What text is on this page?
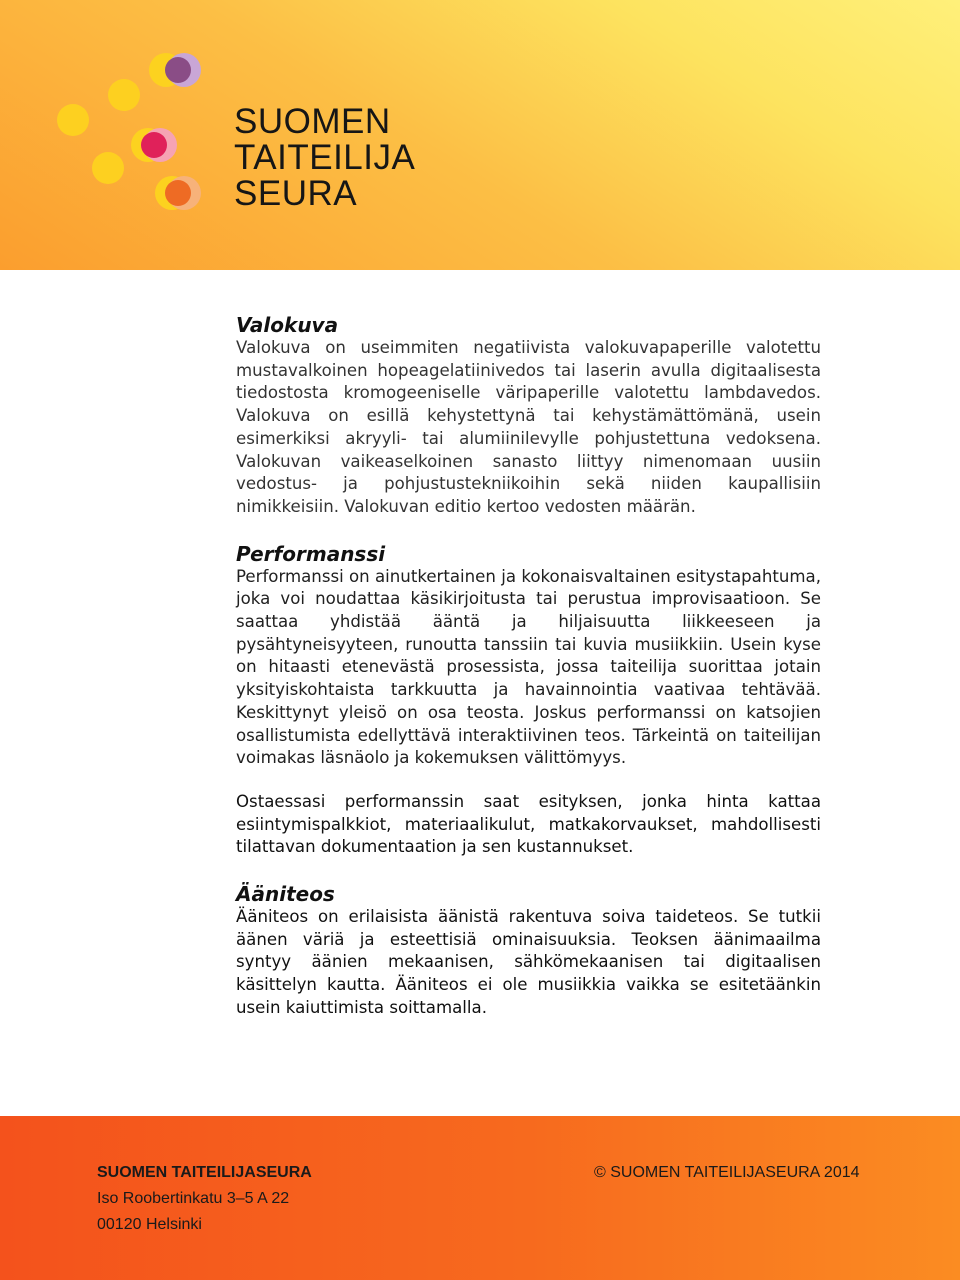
SUOMEN
TAITEILIJA
SEURA
Valokuva

Valokuva on useimmiten negatiivista valokuvapaperille valotettu mustavalkoinen hopeagelatiinivedos tai laserin avulla digitaalisesta tiedostosta kromogeeniselle väripaperille valotettu lambdavedos. Valokuva on esillä kehystettynä tai kehystämättömänä, usein esimerkiksi akryyli- tai alumiinilevylle pohjustettuna vedoksena. Valokuvan vaikeaselkoinen sanasto liittyy nimenomaan uusiin vedostus- ja pohjustustekniikoihin sekä niiden kaupallisiin nimikkeisiin. Valokuvan editio kertoo vedosten määrän.

Performanssi

Performanssi on ainutkertainen ja kokonaisvaltainen esitystapahtuma, joka voi noudattaa käsikirjoitusta tai perustua improvisaatioon. Se saattaa yhdistää ääntä ja hiljaisuutta liikkeeseen ja pysähtyneisyyteen, runoutta tanssiin tai kuvia musiikkiin. Usein kyse on hitaasti etenevästä prosessista, jossa taiteilija suorittaa jotain yksityiskohtaista tarkkuutta ja havainnointia vaativaa tehtävää. Keskittynyt yleisö on osa teosta. Joskus performanssi on katsojien osallistumista edellyttävä interaktiivinen teos. Tärkeintä on taiteilijan voimakas läsnäolo ja kokemuksen välittömyys.

Ostaessasi performanssin saat esityksen, jonka hinta kattaa esiintymispalkkiot, materiaalikulut, matkakorvaukset, mahdollisesti tilattavan dokumentaation ja sen kustannukset.

Ääniteos

Ääniteos on erilaisista äänistä rakentuva soiva taideteos. Se tutkii äänen väriä ja esteettisiä ominaisuuksia. Teoksen äänimaailma syntyy äänien mekaanisen, sähkömekaanisen tai digitaalisen käsittelyn kautta. Ääniteos ei ole musiikkia vaikka se esitetäänkin usein kaiuttimista soittamalla.

SUOMEN TAITEILIJASEURA
Iso Roobertinkatu 3–5 A 22
00120 Helsinki
© SUOMEN TAITEILIJASEURA 2014
